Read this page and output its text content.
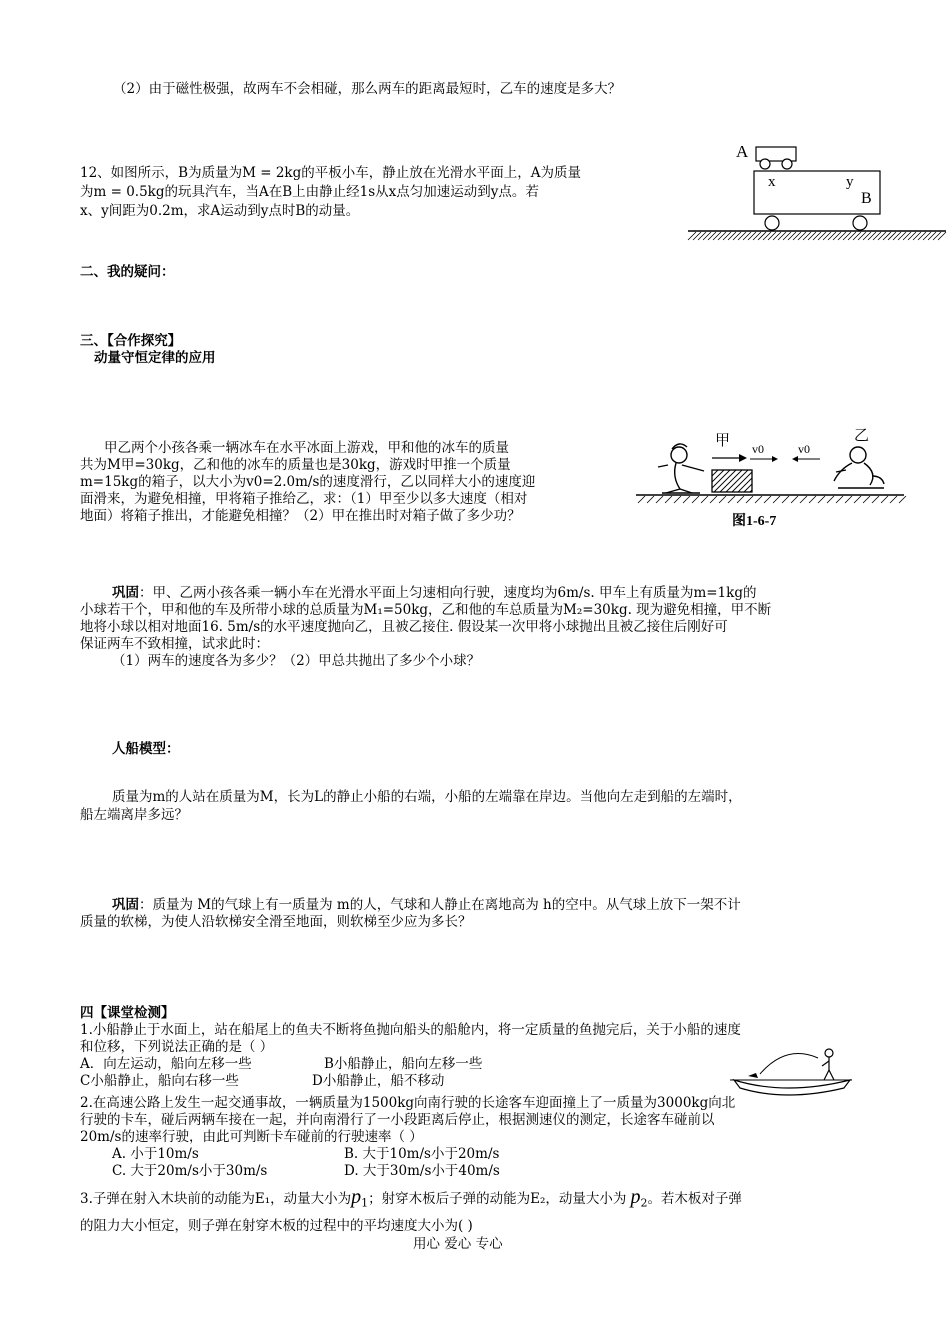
（2）由于磁性极强，故两车不会相碰，那么两车的距离最短时，乙车的速度是多大？
12、如图所示，B为质量为M = 2kg的平板小车，静止放在光滑水平面上，A为质量
为m = 0.5kg的玩具汽车，当A在B上由静止经1s从x点匀加速运动到y点。若
x、y间距为0.2m，求A运动到y点时B的动量。
A
x	y
B
二、我的疑问：
三、【合作探究】
动量守恒定律的应用
甲乙两个小孩各乘一辆冰车在水平冰面上游戏，甲和他的冰车的质量
共为M甲=30kg，乙和他的冰车的质量也是30kg，游戏时甲推一个质量
m=15kg的箱子，以大小为v0=2.0m/s的速度滑行，乙以同样大小的速度迎
面滑来，为避免相撞，甲将箱子推给乙，求：（1）甲至少以多大速度（相对
地面）将箱子推出，才能避免相撞？（2）甲在推出时对箱子做了多少功？
甲 v0	v0
乙
图1-6-7
巩固：甲、乙两小孩各乘一辆小车在光滑水平面上匀速相向行驶，速度均为6m/s. 甲车上有质量为m=1kg的
小球若干个，甲和他的车及所带小球的总质量为M₁=50kg，乙和他的车总质量为M₂=30kg. 现为避免相撞，甲不断
地将小球以相对地面16. 5m/s的水平速度抛向乙，且被乙接住. 假设某一次甲将小球抛出且被乙接住后刚好可
保证两车不致相撞，试求此时：
（1）两车的速度各为多少？（2）甲总共抛出了多少个小球？
人船模型：
质量为m的人站在质量为M，长为L的静止小船的右端，小船的左端靠在岸边。当他向左走到船的左端时，
船左端离岸多远？
巩固：质量为 M的气球上有一质量为 m的人，气球和人静止在离地高为 h的空中。从气球上放下一架不计
质量的软梯，为使人沿软梯安全滑至地面，则软梯至少应为多长？
四【课堂检测】
1.小船静止于水面上，站在船尾上的鱼夫不断将鱼抛向船头的船舱内，将一定质量的鱼抛完后，关于小船的速度
和位移，下列说法正确的是（ ）
A．向左运动，船向左移一些	B小船静止，船向左移一些
C小船静止，船向右移一些	D小船静止，船不移动
2.在高速公路上发生一起交通事故，一辆质量为1500kg向南行驶的长途客车迎面撞上了一质量为3000kg向北
行驶的卡车，碰后两辆车接在一起，并向南滑行了一小段距离后停止，根据测速仪的测定，长途客车碰前以
20m/s的速率行驶，由此可判断卡车碰前的行驶速率（ ）
A. 小于10m/s	B. 大于10m/s小于20m/s
C. 大于20m/s小于30m/s	D. 大于30m/s小于40m/s
3.子弹在射入木块前的动能为E₁，动量大小为$p_1$；射穿木板后子弹的动能为E₂，动量大小为 $p_2$。若木板对子弹
的阻力大小恒定，则子弹在射穿木板的过程中的平均速度大小为( )
用心 爱心 专心
